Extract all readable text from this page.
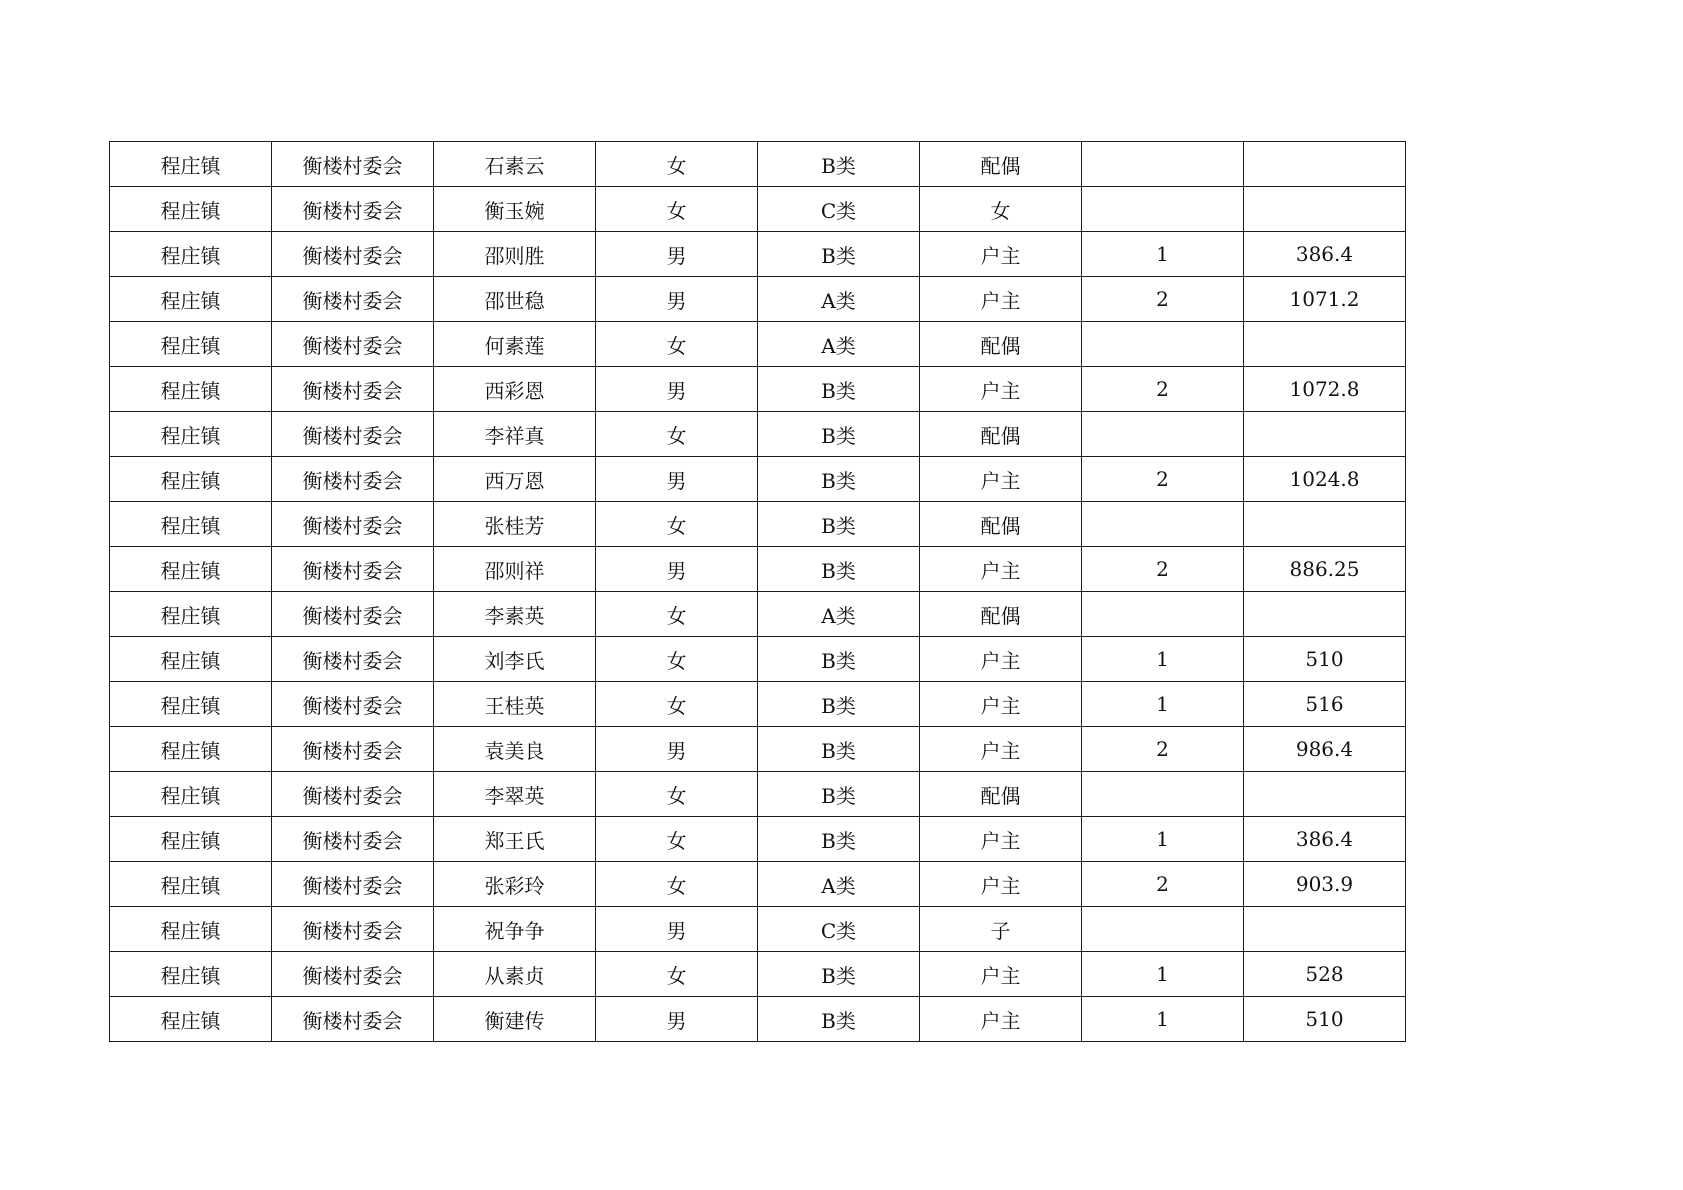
程庄镇	衡楼村委会	石素云	女	B类	配偶		
程庄镇	衡楼村委会	衡玉婉	女	C类	女		
程庄镇	衡楼村委会	邵则胜	男	B类	户主	1	386.4
程庄镇	衡楼村委会	邵世稳	男	A类	户主	2	1071.2
程庄镇	衡楼村委会	何素莲	女	A类	配偶		
程庄镇	衡楼村委会	西彩恩	男	B类	户主	2	1072.8
程庄镇	衡楼村委会	李祥真	女	B类	配偶		
程庄镇	衡楼村委会	西万恩	男	B类	户主	2	1024.8
程庄镇	衡楼村委会	张桂芳	女	B类	配偶		
程庄镇	衡楼村委会	邵则祥	男	B类	户主	2	886.25
程庄镇	衡楼村委会	李素英	女	A类	配偶		
程庄镇	衡楼村委会	刘李氏	女	B类	户主	1	510
程庄镇	衡楼村委会	王桂英	女	B类	户主	1	516
程庄镇	衡楼村委会	袁美良	男	B类	户主	2	986.4
程庄镇	衡楼村委会	李翠英	女	B类	配偶		
程庄镇	衡楼村委会	郑王氏	女	B类	户主	1	386.4
程庄镇	衡楼村委会	张彩玲	女	A类	户主	2	903.9
程庄镇	衡楼村委会	祝争争	男	C类	子		
程庄镇	衡楼村委会	从素贞	女	B类	户主	1	528
程庄镇	衡楼村委会	衡建传	男	B类	户主	1	510
